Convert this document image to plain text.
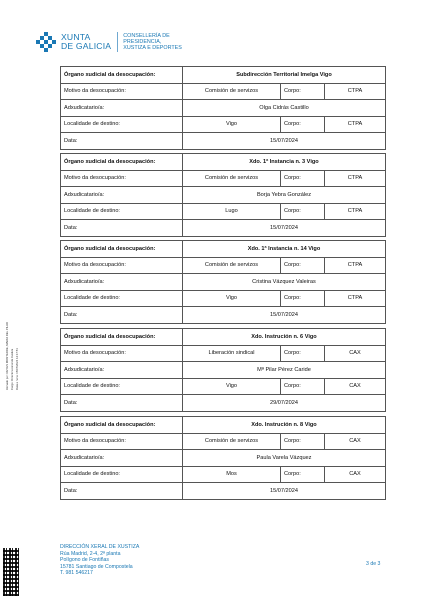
XUNTA
DE GALICIA
CONSELLERÍA DE
PRESIDENCIA,
XUSTIZA E DEPORTES
Asinado por: REYES MONTERDE, MARIA DEL PILAR Cargo: Directora xeral de Xustiza Data e hora: 15/07/2024 14:17:51
Órgano xudicial da desocupación:	Subdirección Territorial Imelga Vigo
Motivo da desocupación:	Comisión de servizos	Corpo:	CTPA
Adxudicatario/a:	Olga Cidrás Castillo
Localidade de destino:	Vigo	Corpo:	CTPA
Data:	15/07/2024
Órgano xudicial da desocupación:	Xdo. 1ª Instancia n. 3 Vigo
Motivo da desocupación:	Comisión de servizos	Corpo:	CTPA
Adxudicatario/a:	Borja Yebra González
Localidade de destino:	Lugo	Corpo:	CTPA
Data:	15/07/2024
Órgano xudicial da desocupación:	Xdo. 1ª Instancia n. 14 Vigo
Motivo da desocupación:	Comisión de servizos	Corpo:	CTPA
Adxudicatario/a:	Cristina Vázquez Valeiras
Localidade de destino:	Vigo	Corpo:	CTPA
Data:	15/07/2024
Órgano xudicial da desocupación:	Xdo. Instrución n. 6 Vigo
Motivo da desocupación:	Liberación sindical	Corpo:	CAX
Adxudicatario/a:	Mª Pilar Pérez Caride
Localidade de destino:	Vigo	Corpo:	CAX
Data:	29/07/2024
Órgano xudicial da desocupación:	Xdo. Instrución n. 8 Vigo
Motivo da desocupación:	Comisión de servizos	Corpo:	CAX
Adxudicatario/a:	Paula Varela Vázquez
Localidade de destino:	Mos	Corpo:	CAX
Data:	15/07/2024
DIRECCIÓN XERAL DE XUSTIZA
Rúa Madrid, 2-4, 2ª planta
Polígono de Fontiñas
15781 Santiago de Compostela
T. 981 546217
3 de 3
